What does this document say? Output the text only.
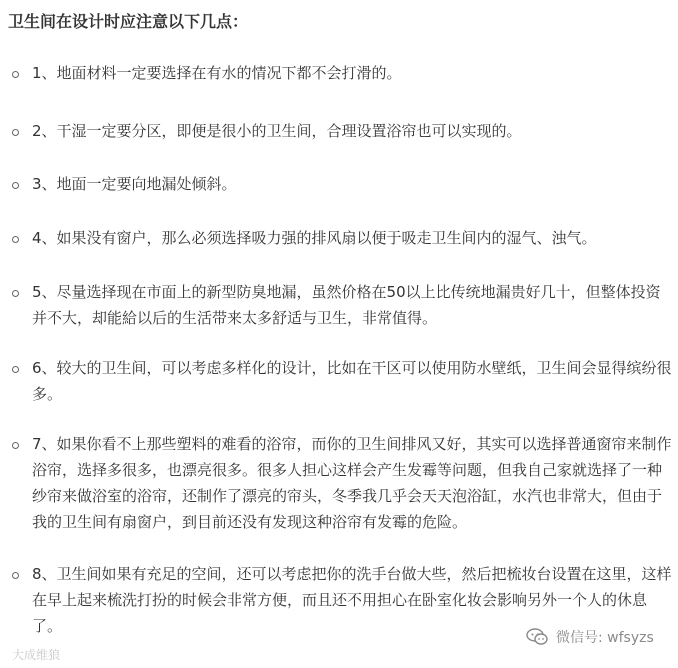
卫生间在设计时应注意以下几点：
1、地面材料一定要选择在有水的情况下都不会打滑的。
2、干湿一定要分区，即便是很小的卫生间，合理设置浴帘也可以实现的。
3、地面一定要向地漏处倾斜。
4、如果没有窗户，那么必须选择吸力强的排风扇以便于吸走卫生间内的湿气、浊气。
5、尽量选择现在市面上的新型防臭地漏，虽然价格在50以上比传统地漏贵好几十，但整体投资并不大，却能給以后的生活带来太多舒适与卫生，非常值得。
6、较大的卫生间，可以考虑多样化的设计，比如在干区可以使用防水壁纸，卫生间会显得缤纷很多。
7、如果你看不上那些塑料的难看的浴帘，而你的卫生间排风又好，其实可以选择普通窗帘来制作浴帘，选择多很多，也漂亮很多。很多人担心这样会产生发霉等问题，但我自己家就选择了一种纱帘来做浴室的浴帘，还制作了漂亮的帘头，冬季我几乎会天天泡浴缸，水汽也非常大，但由于我的卫生间有扇窗户，到目前还没有发现这种浴帘有发霉的危险。
8、卫生间如果有充足的空间，还可以考虑把你的洗手台做大些，然后把梳妆台设置在这里，这样在早上起来梳洗打扮的时候会非常方便，而且还不用担心在卧室化妆会影响另外一个人的休息了。
大成维狼
微信号: wfsyzs
